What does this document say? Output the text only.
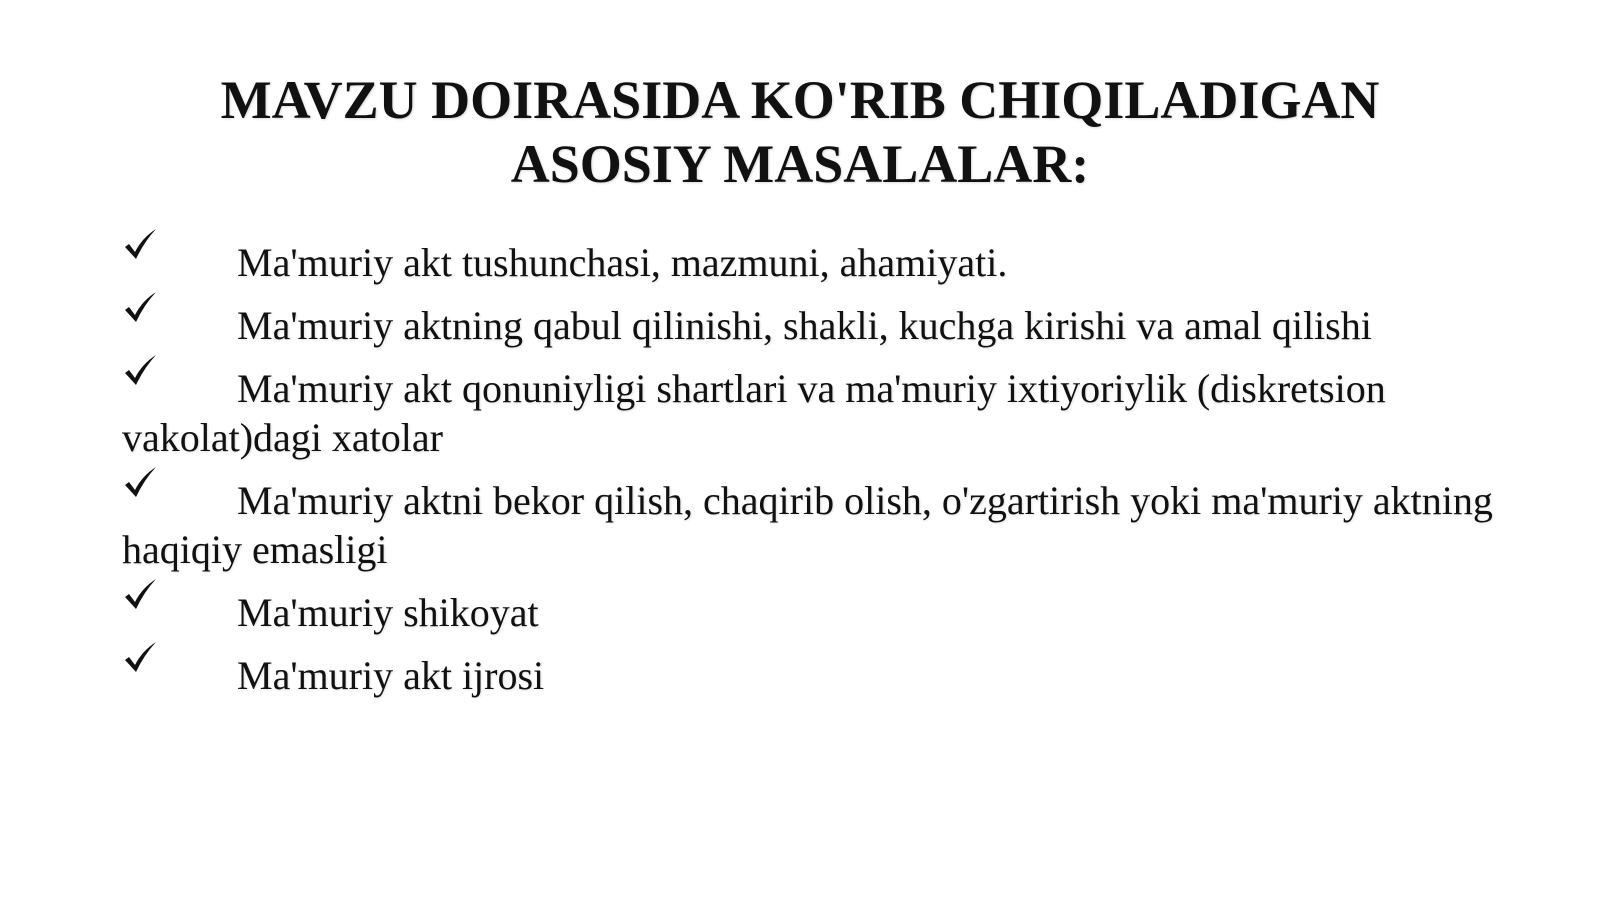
MAVZU DOIRASIDA KO'RIB CHIQILADIGAN
ASOSIY MASALALAR:
Ma'muriy akt tushunchasi, mazmuni, ahamiyati.
Ma'muriy aktning qabul qilinishi, shakli, kuchga kirishi va amal qilishi
Ma'muriy akt qonuniyligi shartlari va ma'muriy ixtiyoriylik (diskretsion vakolat)dagi xatolar
Ma'muriy aktni bekor qilish, chaqirib olish, o'zgartirish yoki ma'muriy aktning haqiqiy emasligi
Ma'muriy shikoyat
Ma'muriy akt ijrosi
